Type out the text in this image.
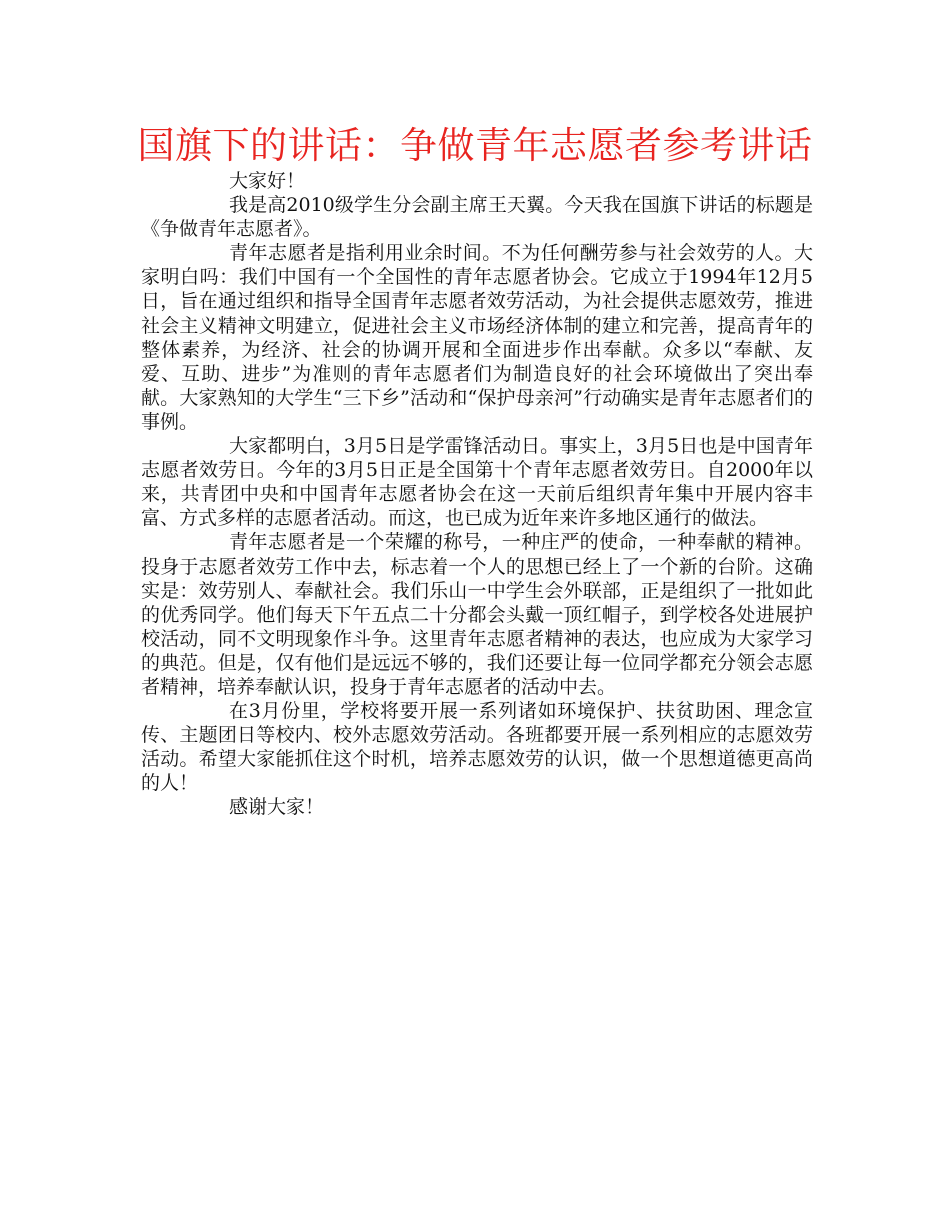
国旗下的讲话：争做青年志愿者参考讲话

大家好！

我是高2010级学生分会副主席王天翼。今天我在国旗下讲话的标题是《争做青年志愿者》。

青年志愿者是指利用业余时间。不为任何酬劳参与社会效劳的人。大家明白吗：我们中国有一个全国性的青年志愿者协会。它成立于1994年12月5日，旨在通过组织和指导全国青年志愿者效劳活动，为社会提供志愿效劳，推进社会主义精神文明建立，促进社会主义市场经济体制的建立和完善，提高青年的整体素养，为经济、社会的协调开展和全面进步作出奉献。众多以“奉献、友爱、互助、进步”为准则的青年志愿者们为制造良好的社会环境做出了突出奉献。大家熟知的大学生“三下乡”活动和“保护母亲河”行动确实是青年志愿者们的事例。

大家都明白，3月5日是学雷锋活动日。事实上，3月5日也是中国青年志愿者效劳日。今年的3月5日正是全国第十个青年志愿者效劳日。自2000年以来，共青团中央和中国青年志愿者协会在这一天前后组织青年集中开展内容丰富、方式多样的志愿者活动。而这，也已成为近年来许多地区通行的做法。

青年志愿者是一个荣耀的称号，一种庄严的使命，一种奉献的精神。投身于志愿者效劳工作中去，标志着一个人的思想已经上了一个新的台阶。这确实是：效劳别人、奉献社会。我们乐山一中学生会外联部，正是组织了一批如此的优秀同学。他们每天下午五点二十分都会头戴一顶红帽子，到学校各处进展护校活动，同不文明现象作斗争。这里青年志愿者精神的表达，也应成为大家学习的典范。但是，仅有他们是远远不够的，我们还要让每一位同学都充分领会志愿者精神，培养奉献认识，投身于青年志愿者的活动中去。

在3月份里，学校将要开展一系列诸如环境保护、扶贫助困、理念宣传、主题团日等校内、校外志愿效劳活动。各班都要开展一系列相应的志愿效劳活动。希望大家能抓住这个时机，培养志愿效劳的认识，做一个思想道德更高尚的人！

感谢大家！
